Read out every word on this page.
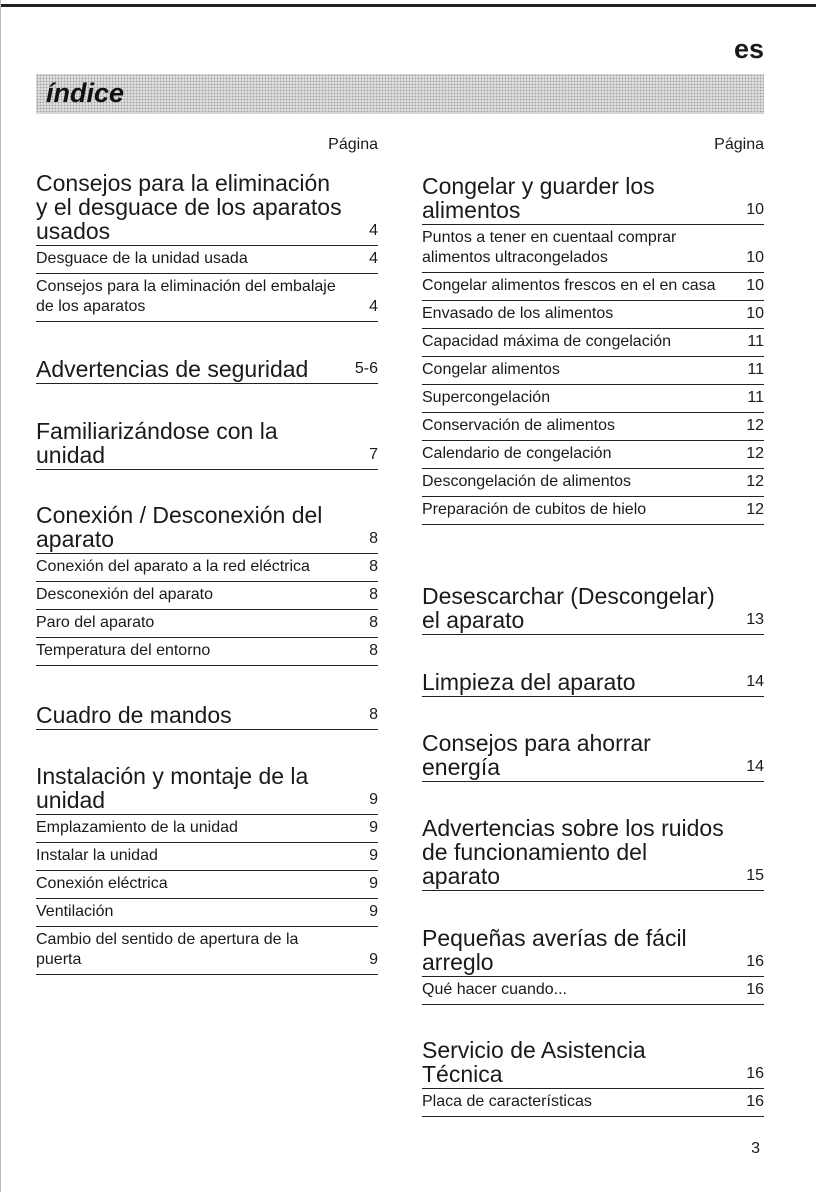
es
índice
Página
Consejos para la eliminación y el desguace de los aparatos usados	4
Desguace de la unidad usada	4
Consejos para la eliminación del embalaje de los aparatos	4
Advertencias de seguridad	5-6
Familiarizándose con la unidad	7
Conexión / Desconexión del aparato	8
Conexión del aparato a la red eléctrica	8
Desconexión del aparato	8
Paro del aparato	8
Temperatura del entorno	8
Cuadro de mandos	8
Instalación y montaje de la unidad	9
Emplazamiento de la unidad	9
Instalar la unidad	9
Conexión eléctrica	9
Ventilación	9
Cambio del sentido de apertura de la puerta	9
Página
Congelar y guarder los alimentos	10
Puntos a tener en cuentaal comprar alimentos ultracongelados	10
Congelar alimentos frescos en el en casa 10
Envasado de los alimentos	10
Capacidad máxima de congelación	11
Congelar alimentos	11
Supercongelación	11
Conservación de alimentos	12
Calendario de congelación	12
Descongelación de alimentos	12
Preparación de cubitos de hielo	12
Desescarchar (Descongelar) el aparato	13
Limpieza del aparato	14
Consejos para ahorrar energía	14
Advertencias sobre los ruidos de funcionamiento del aparato	15
Pequeñas averías de fácil arreglo	16
Qué hacer cuando...	16
Servicio de Asistencia Técnica	16
Placa de características	16
3
